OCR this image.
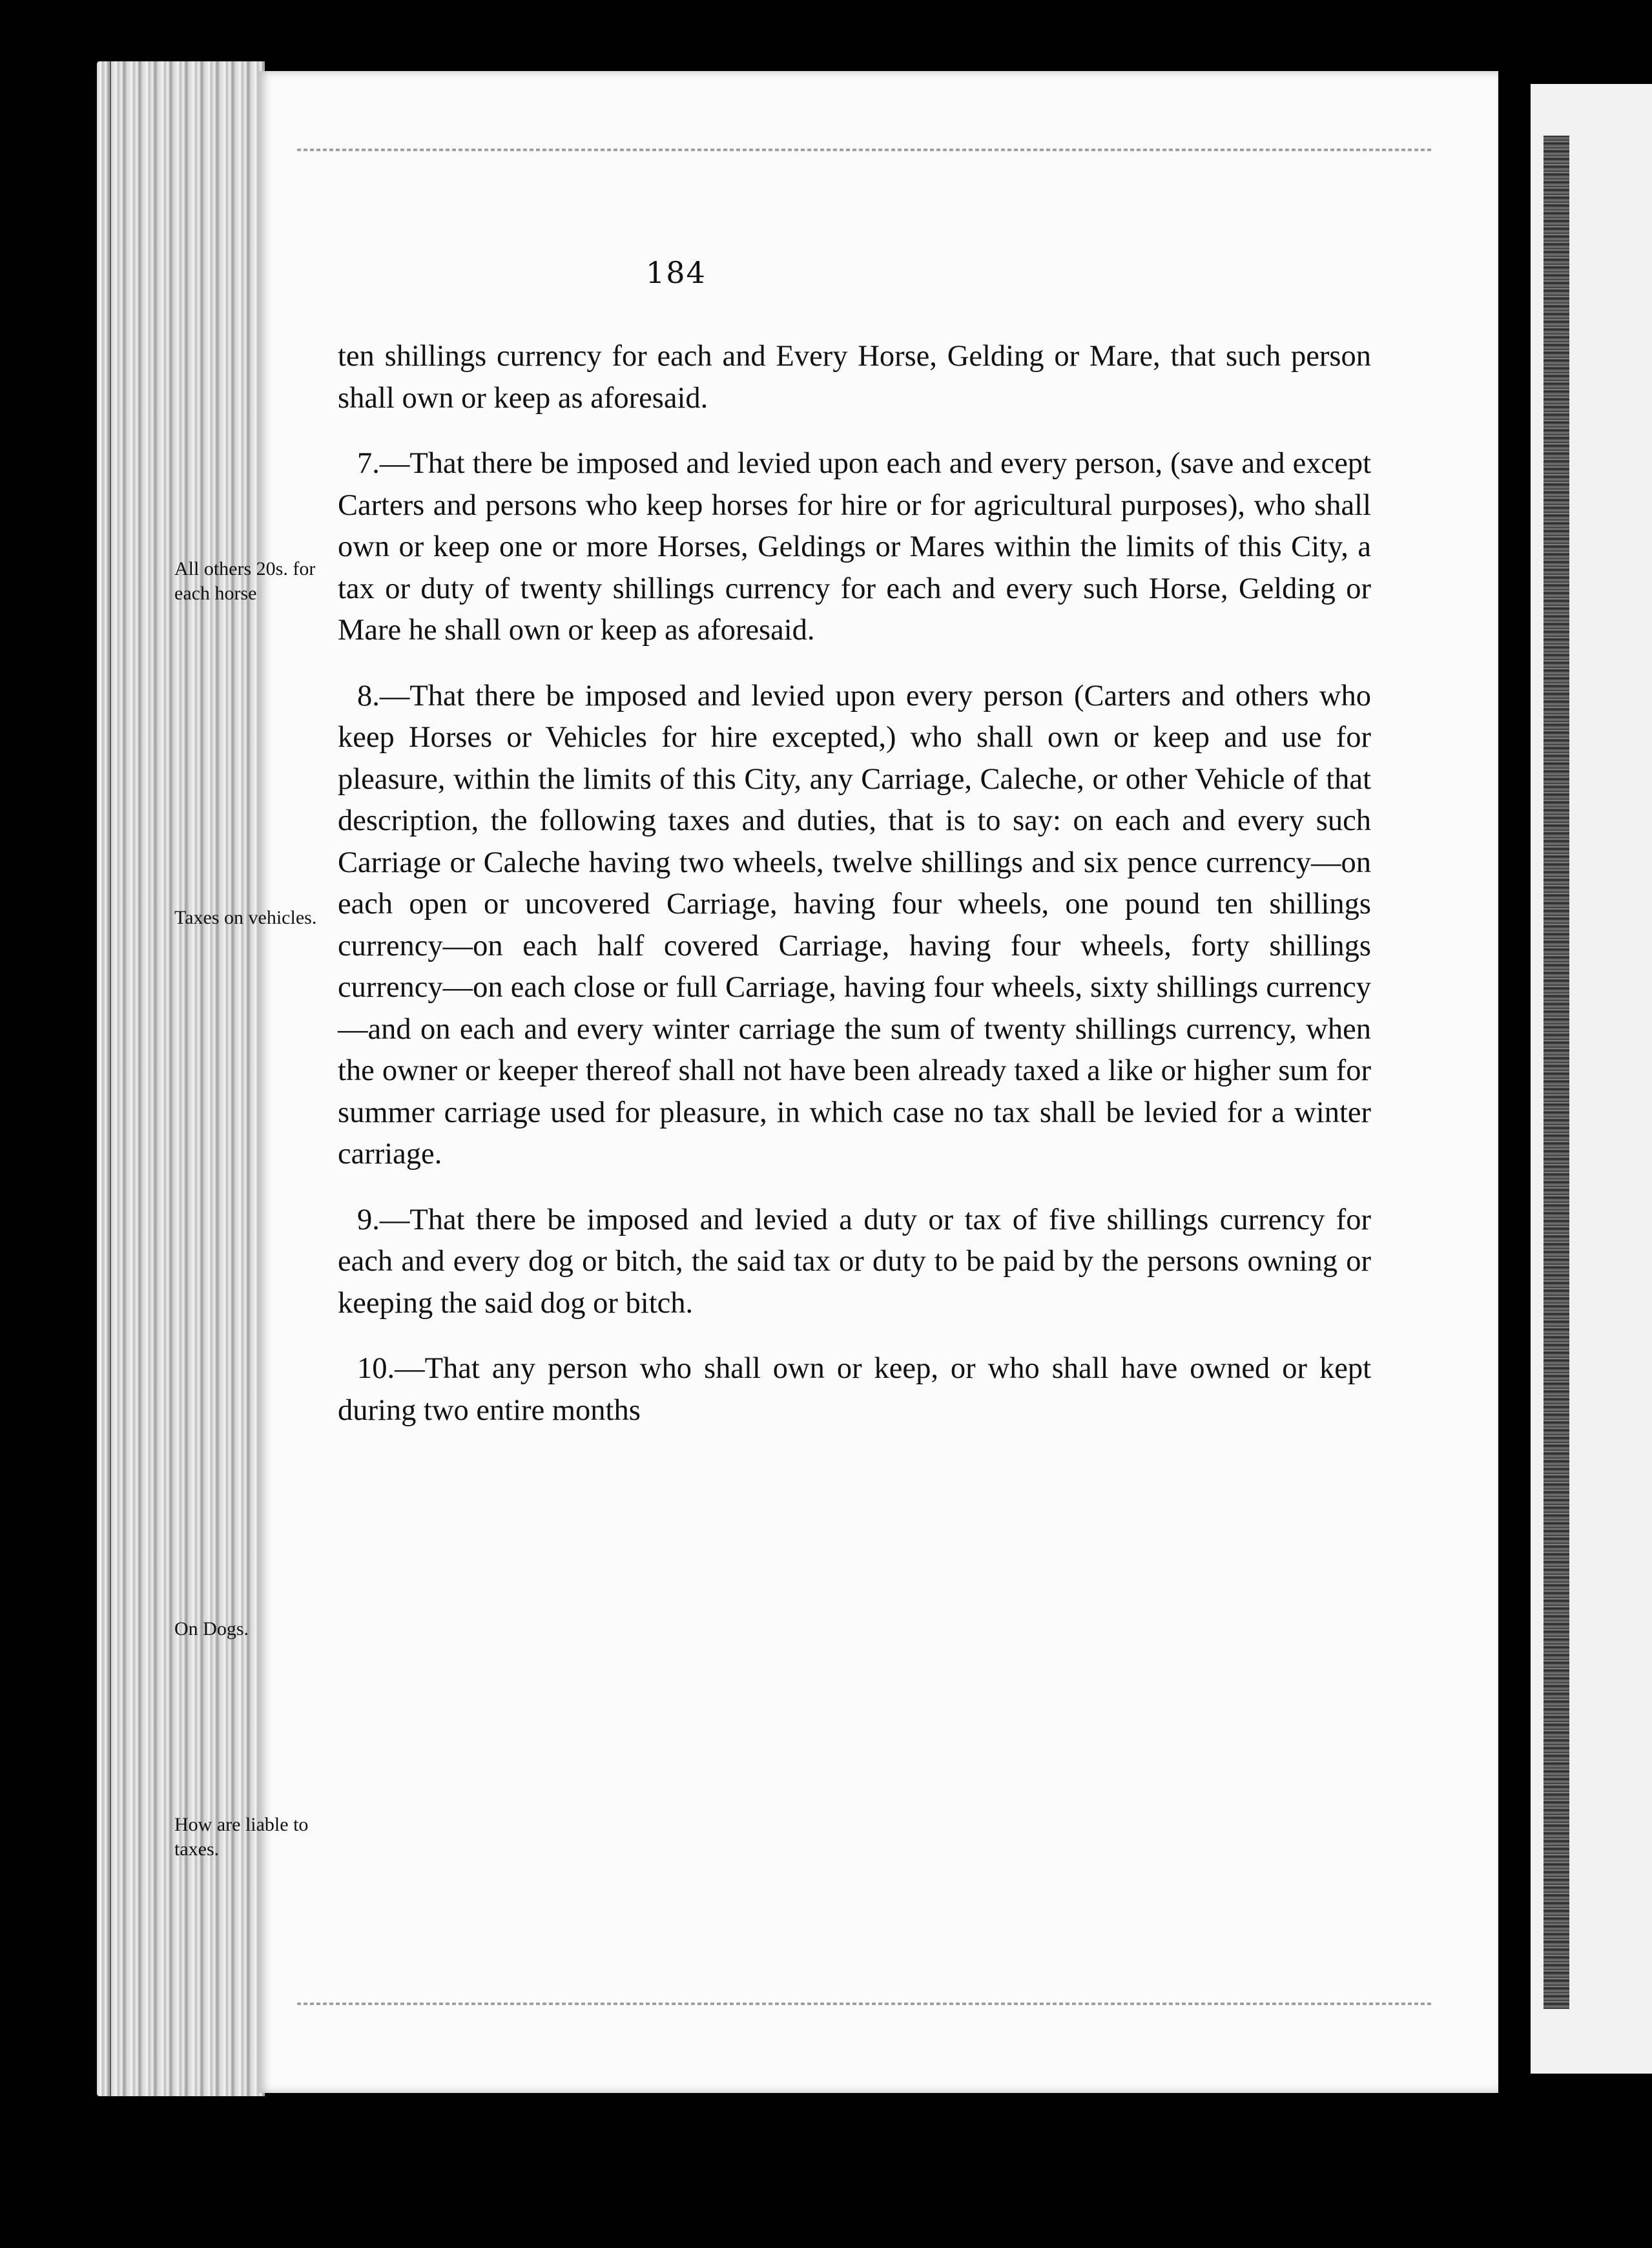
184
All others 20s. for each horse
Taxes on vehicles.
On Dogs.
How are liable to taxes.

ten shillings currency for each and Every Horse, Gelding or Mare, that such person shall own or keep as aforesaid.

7.—That there be imposed and levied upon each and every person, (save and except Carters and persons who keep horses for hire or for agricultural purposes), who shall own or keep one or more Horses, Geldings or Mares within the limits of this City, a tax or duty of twenty shillings currency for each and every such Horse, Gelding or Mare he shall own or keep as aforesaid.

8.—That there be imposed and levied upon every person (Carters and others who keep Horses or Vehicles for hire excepted,) who shall own or keep and use for pleasure, within the limits of this City, any Carriage, Caleche, or other Vehicle of that description, the following taxes and duties, that is to say: on each and every such Carriage or Caleche having two wheels, twelve shillings and six pence currency—on each open or uncovered Carriage, having four wheels, one pound ten shillings currency—on each half covered Carriage, having four wheels, forty shillings currency—on each close or full Carriage, having four wheels, sixty shillings currency—and on each and every winter carriage the sum of twenty shillings currency, when the owner or keeper thereof shall not have been already taxed a like or higher sum for summer carriage used for pleasure, in which case no tax shall be levied for a winter carriage.

9.—That there be imposed and levied a duty or tax of five shillings currency for each and every dog or bitch, the said tax or duty to be paid by the persons owning or keeping the said dog or bitch.

10.—That any person who shall own or keep, or who shall have owned or kept during two entire months
